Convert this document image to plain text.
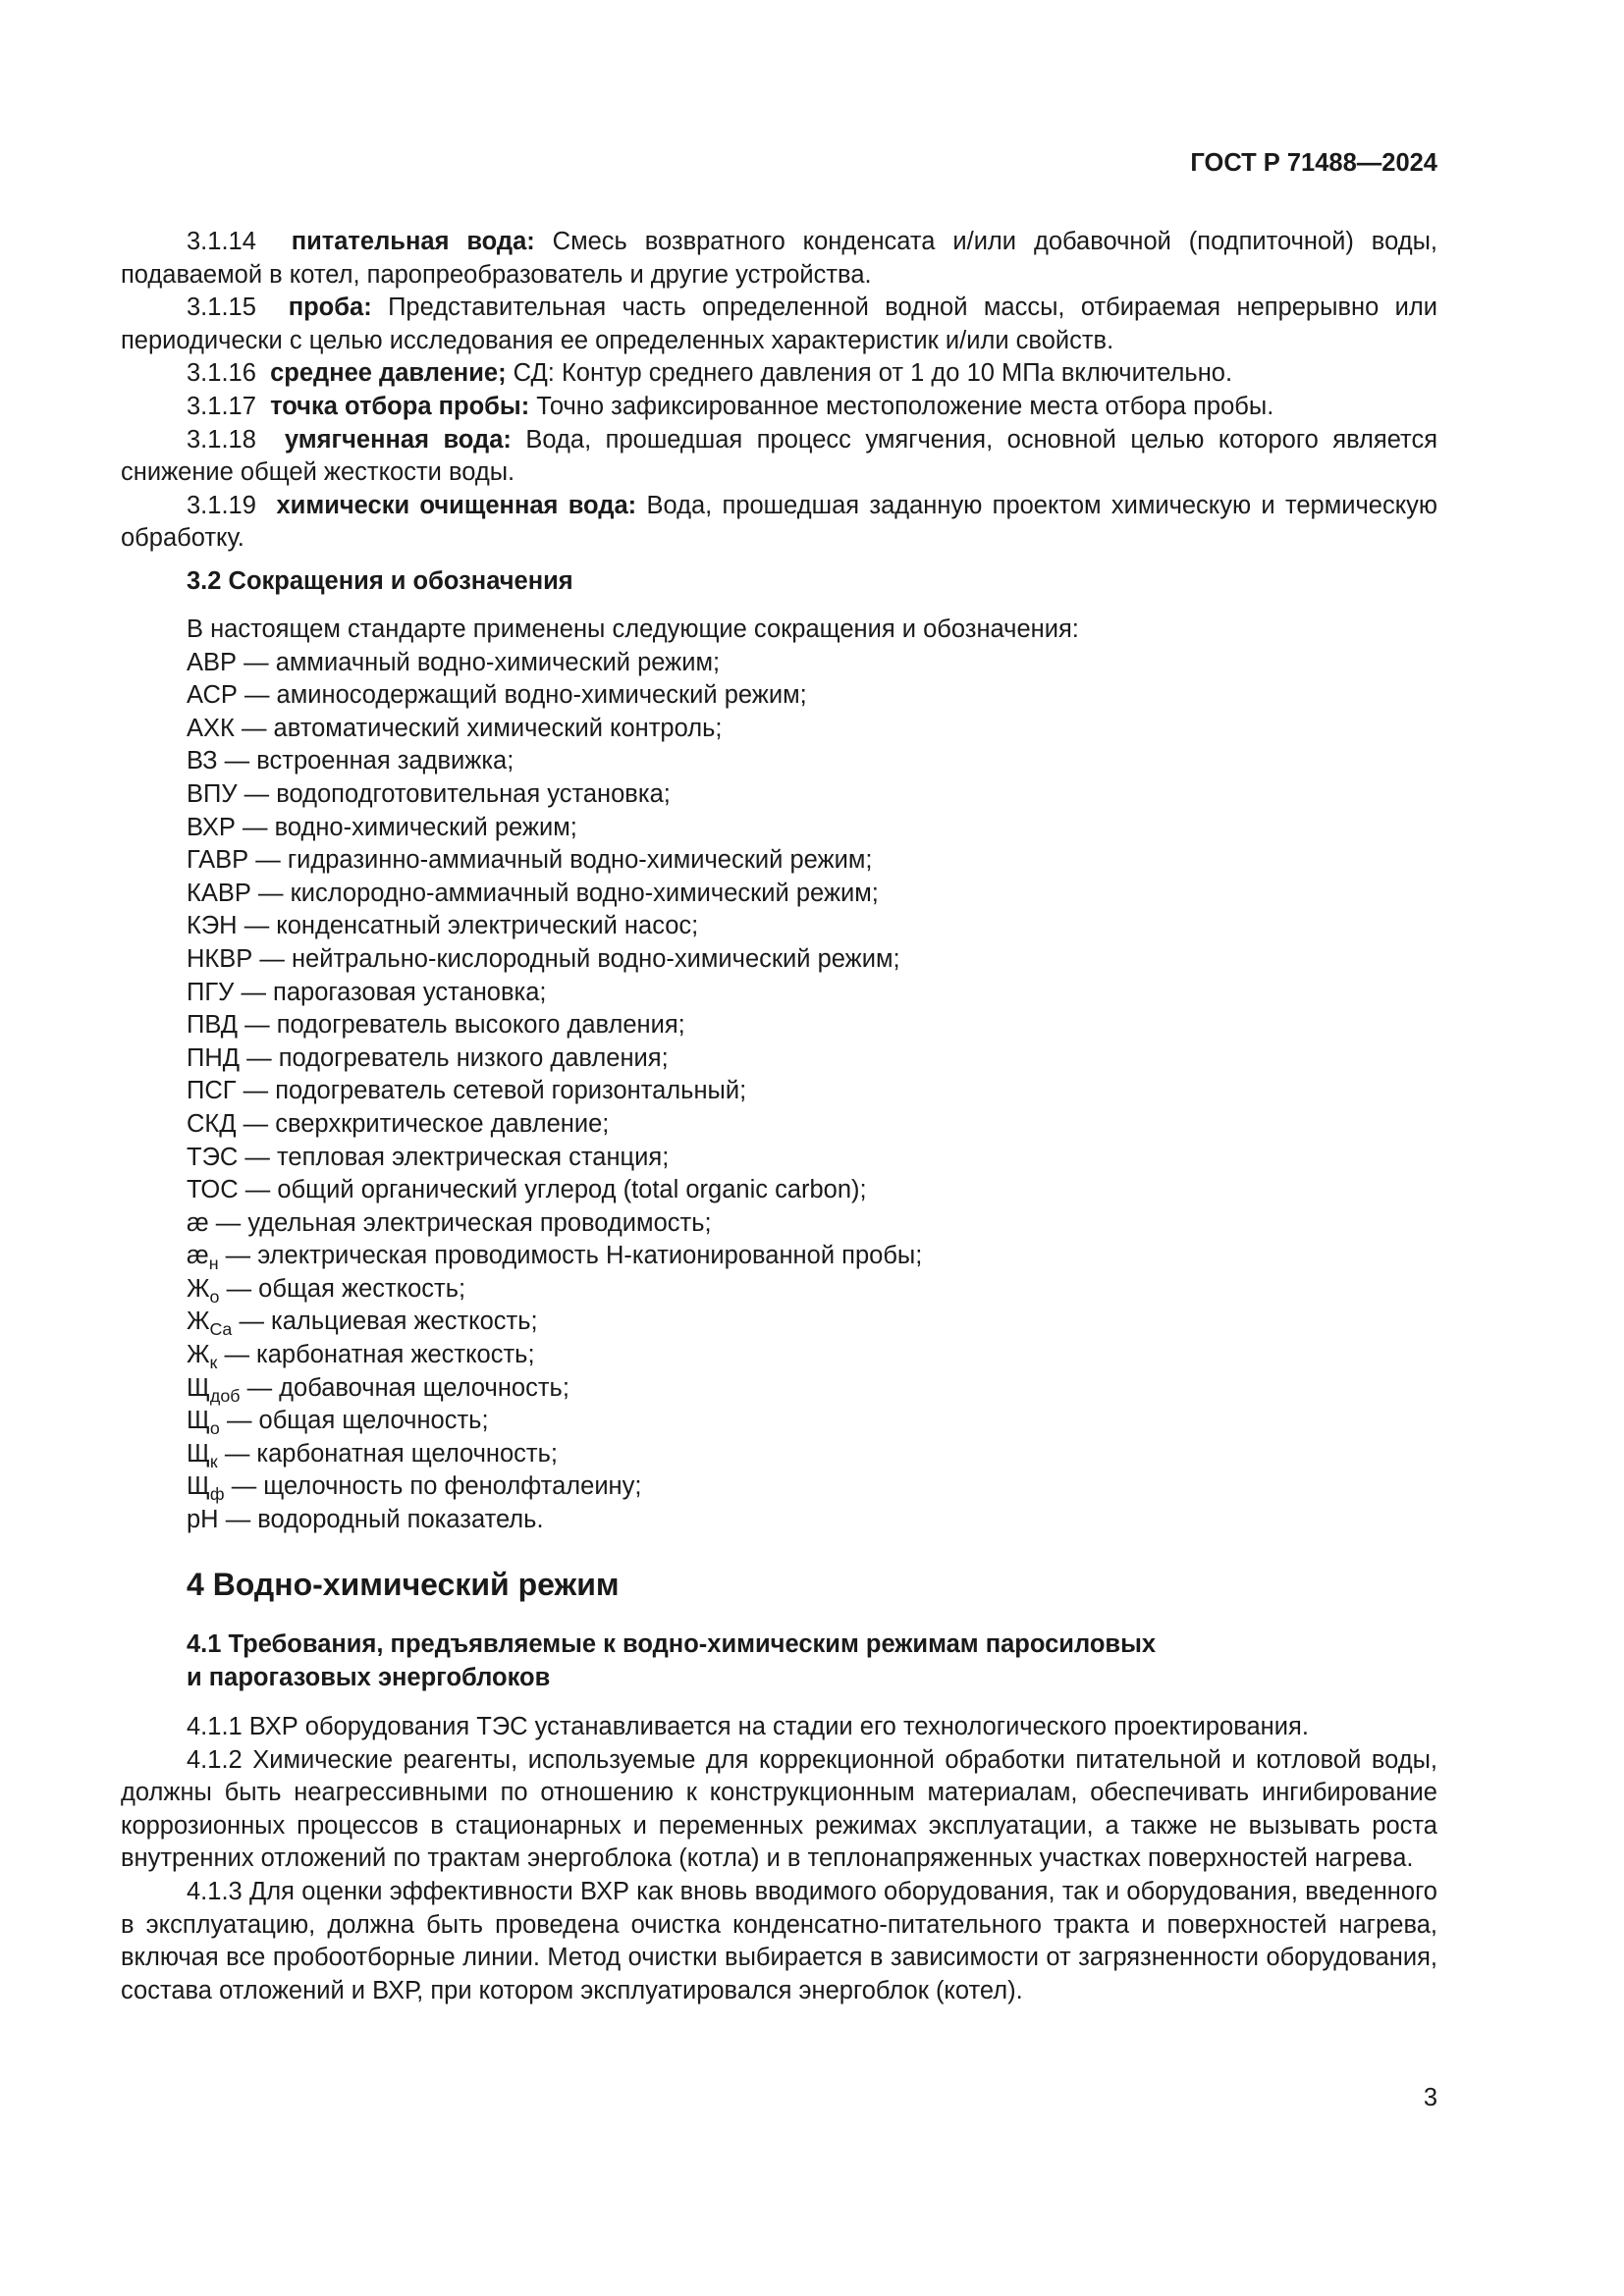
ГОСТ Р 71488—2024

3.1.14 питательная вода: Смесь возвратного конденсата и/или добавочной (подпиточной) воды, подаваемой в котел, паропреобразователь и другие устройства.

3.1.15 проба: Представительная часть определенной водной массы, отбираемая непрерывно или периодически с целью исследования ее определенных характеристик и/или свойств.

3.1.16 среднее давление; СД: Контур среднего давления от 1 до 10 МПа включительно.

3.1.17 точка отбора пробы: Точно зафиксированное местоположение места отбора пробы.

3.1.18 умягченная вода: Вода, прошедшая процесс умягчения, основной целью которого является снижение общей жесткости воды.

3.1.19 химически очищенная вода: Вода, прошедшая заданную проектом химическую и термическую обработку.

3.2 Сокращения и обозначения
В настоящем стандарте применены следующие сокращения и обозначения:
АВР — аммиачный водно-химический режим;
АСР — аминосодержащий водно-химический режим;
АХК — автоматический химический контроль;
ВЗ — встроенная задвижка;
ВПУ — водоподготовительная установка;
ВХР — водно-химический режим;
ГАВР — гидразинно-аммиачный водно-химический режим;
КАВР — кислородно-аммиачный водно-химический режим;
КЭН — конденсатный электрический насос;
НКВР — нейтрально-кислородный водно-химический режим;
ПГУ — парогазовая установка;
ПВД — подогреватель высокого давления;
ПНД — подогреватель низкого давления;
ПСГ — подогреватель сетевой горизонтальный;
СКД — сверхкритическое давление;
ТЭС — тепловая электрическая станция;
ТОС — общий органический углерод (total organic carbon);
æ — удельная электрическая проводимость;
$æ_н$ — электрическая проводимость Н-катионированной пробы;
$Ж_о$ — общая жесткость;
$Ж_{Ca}$ — кальциевая жесткость;
$Ж_к$ — карбонатная жесткость;
$Щ_{доб}$ — добавочная щелочность;
$Щ_о$ — общая щелочность;
$Щ_к$ — карбонатная щелочность;
$Щ_ф$ — щелочность по фенолфталеину;
pH — водородный показатель.
4 Водно-химический режим
4.1 Требования, предъявляемые к водно-химическим режимам паросиловых
и парогазовых энергоблоков

4.1.1 ВХР оборудования ТЭС устанавливается на стадии его технологического проектирования.

4.1.2 Химические реагенты, используемые для коррекционной обработки питательной и котловой воды, должны быть неагрессивными по отношению к конструкционным материалам, обеспечивать ингибирование коррозионных процессов в стационарных и переменных режимах эксплуатации, а также не вызывать роста внутренних отложений по трактам энергоблока (котла) и в теплонапряженных участках поверхностей нагрева.

4.1.3 Для оценки эффективности ВХР как вновь вводимого оборудования, так и оборудования, введенного в эксплуатацию, должна быть проведена очистка конденсатно-питательного тракта и поверхностей нагрева, включая все пробоотборные линии. Метод очистки выбирается в зависимости от загрязненности оборудования, состава отложений и ВХР, при котором эксплуатировался энергоблок (котел).

3
